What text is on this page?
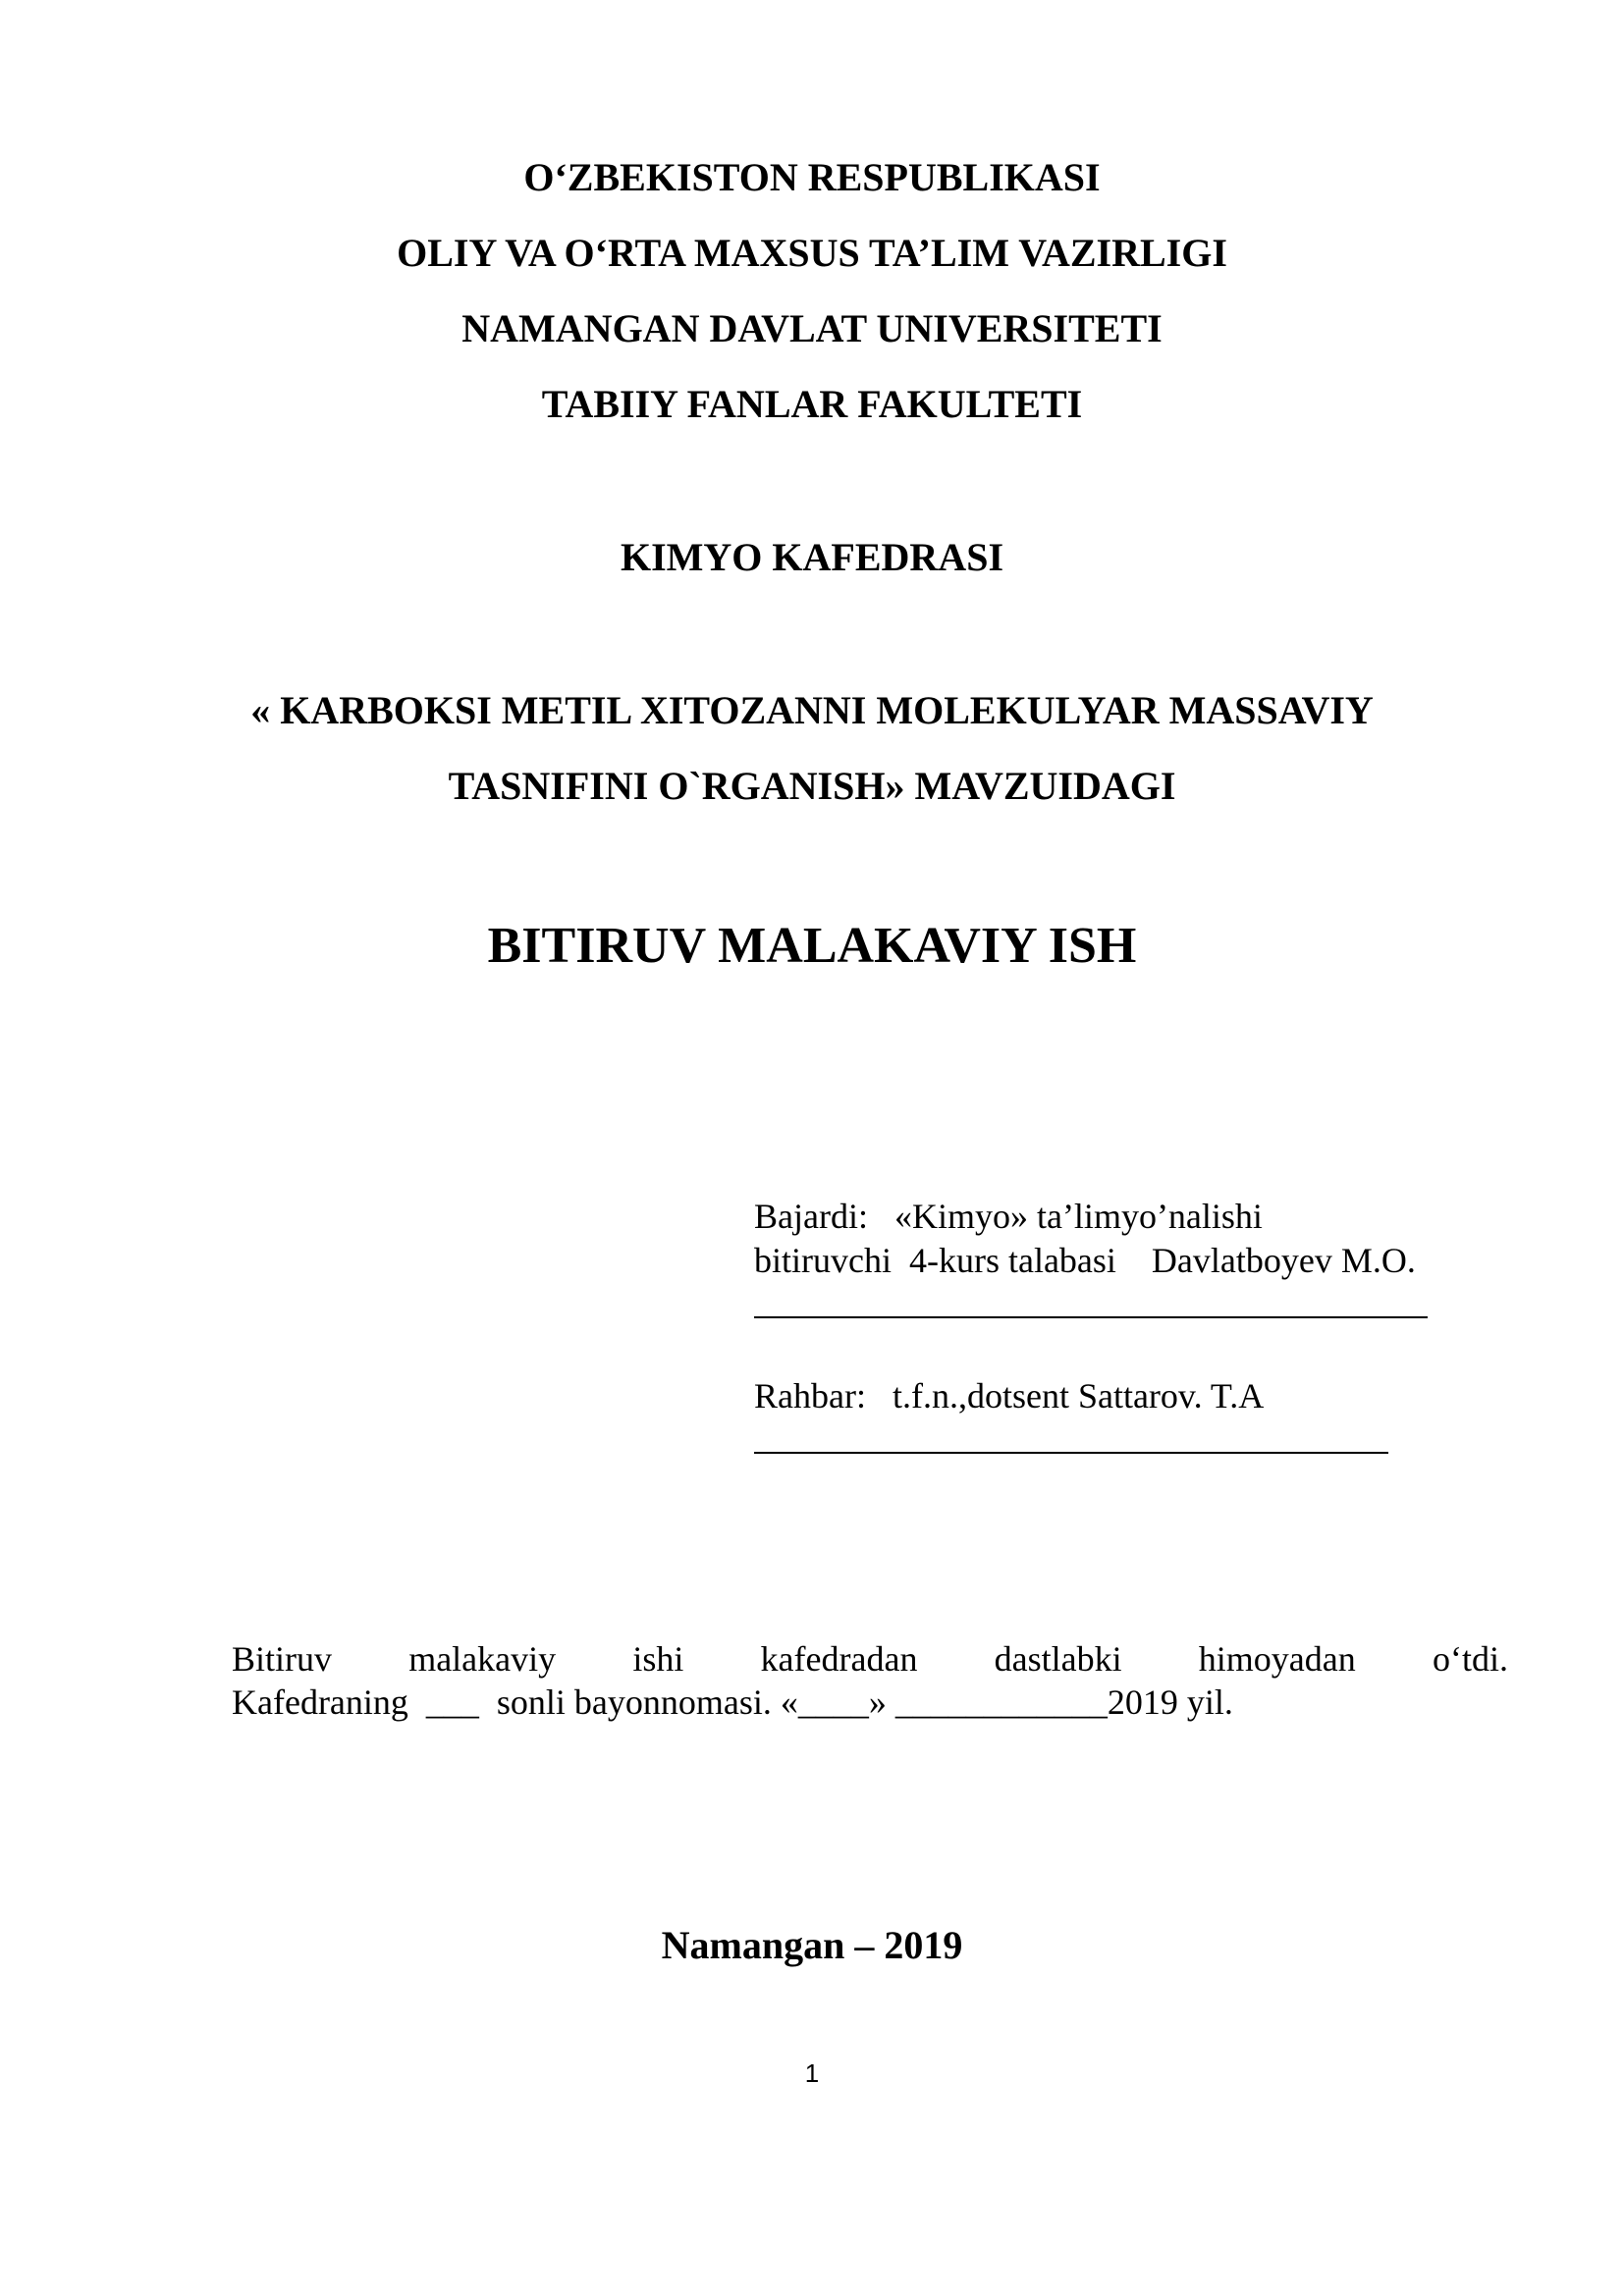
O‘ZBEKISTON RESPUBLIKASI
OLIY VA O‘RTA MAXSUS TA’LIM VAZIRLIGI
NAMANGAN DAVLAT UNIVERSITETI
TABIIY FANLAR FAKULTETI
KIMYO KAFEDRASI
« KARBOKSI METIL XITOZANNI MOLEKULYAR MASSAVIY
TASNIFINI O`RGANISH» MAVZUIDAGI
BITIRUV MALAKAVIY ISH
Bajardi:   «Kimyo» ta’limyo’nalishi
bitiruvchi  4-kurs talabasi    Davlatboyev M.O.
Rahbar:   t.f.n.,dotsent Sattarov. T.A
Bitiruv malakaviy ishi kafedradan dastlabki himoyadan o‘tdi.
Kafedraning  ___  sonli bayonnomasi. «____» ____________2019 yil.
Namangan – 2019
1
